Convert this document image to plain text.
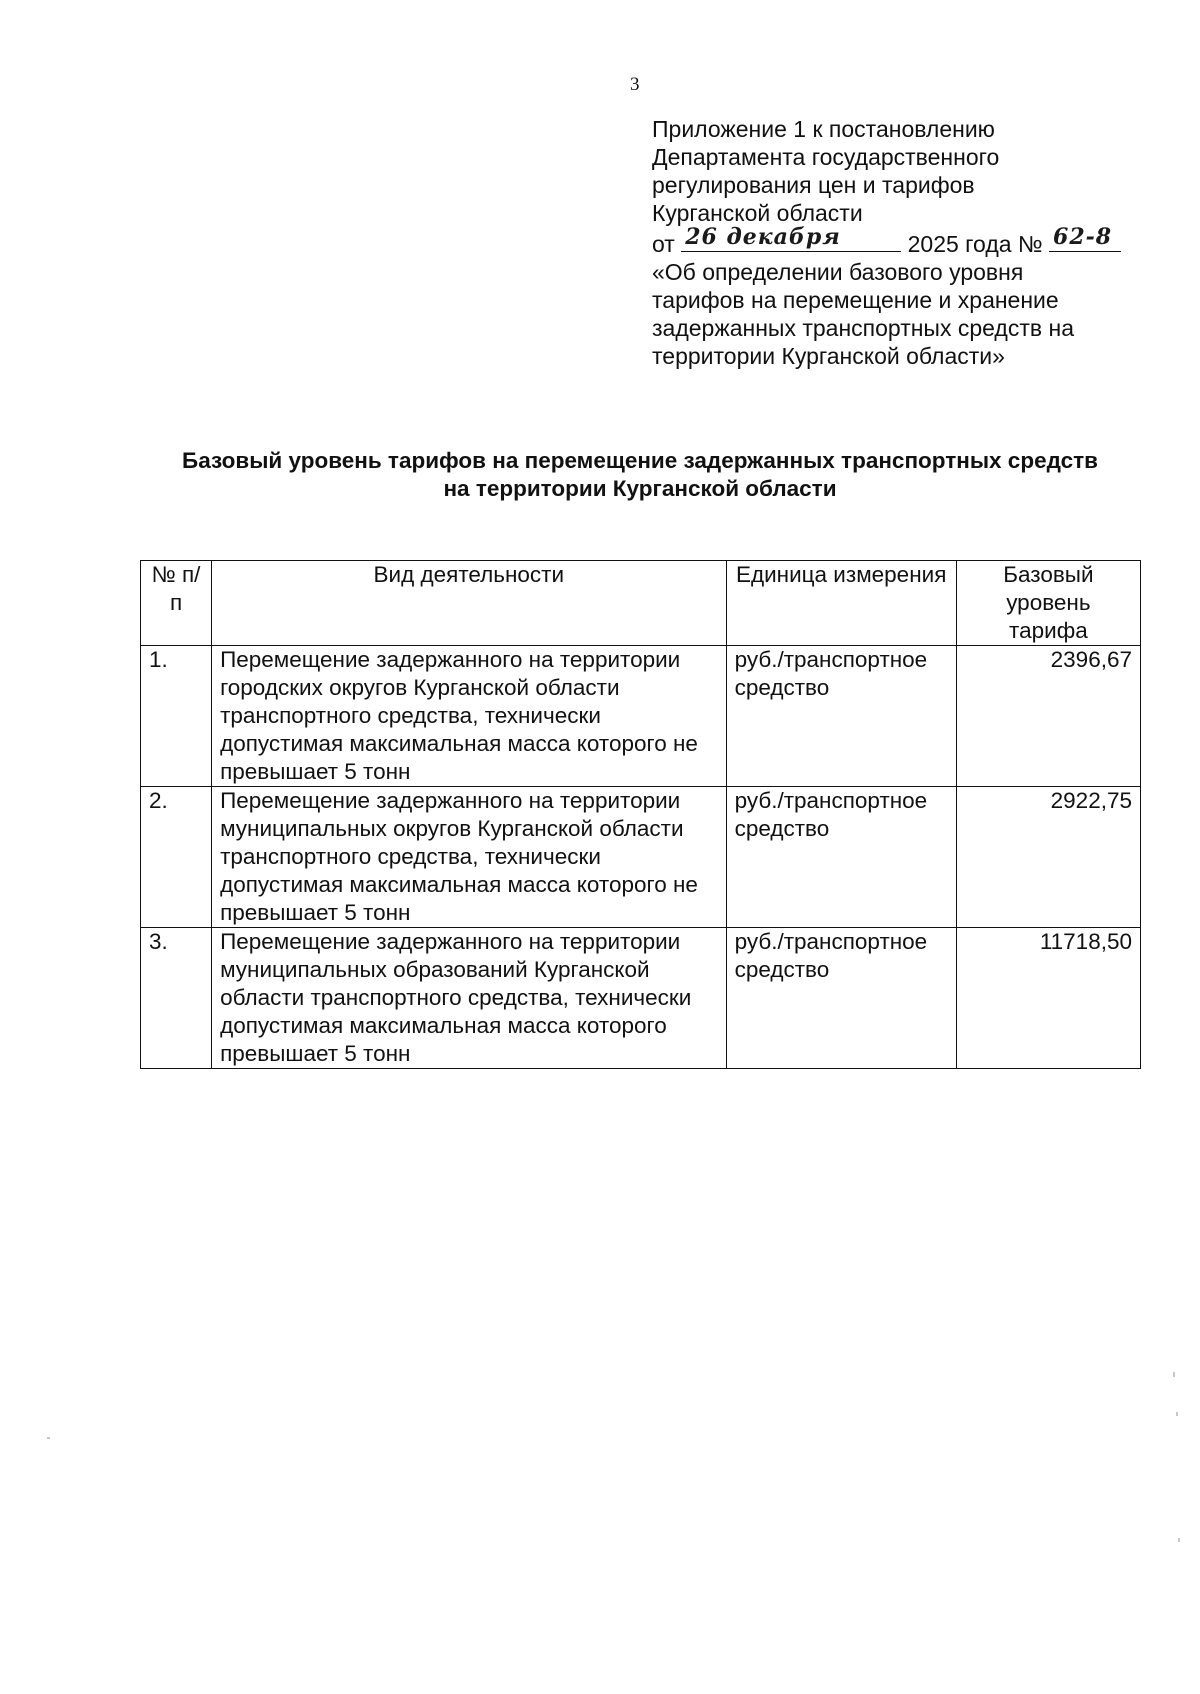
3
Приложение 1 к постановлению
Департамента государственного
регулирования цен и тарифов
Курганской области
от 26 декабря	2025 года № 62-8
«Об определении базового уровня
тарифов на перемещение и хранение
задержанных транспортных средств на
территории Курганской области»
Базовый уровень тарифов на перемещение задержанных транспортных средств
на территории Курганской области
№ п/п	Вид деятельности	Единица измерения	Базовый уровень тарифа
1.	Перемещение задержанного на территории городских округов Курганской области транспортного средства, технически допустимая максимальная масса которого не превышает 5 тонн	руб./транспортное средство	2396,67
2.	Перемещение задержанного на территории муниципальных округов Курганской области транспортного средства, технически допустимая максимальная масса которого не превышает 5 тонн	руб./транспортное средство	2922,75
3.	Перемещение задержанного на территории муниципальных образований Курганской области транспортного средства, технически допустимая максимальная масса которого превышает 5 тонн	руб./транспортное средство	11718,50
